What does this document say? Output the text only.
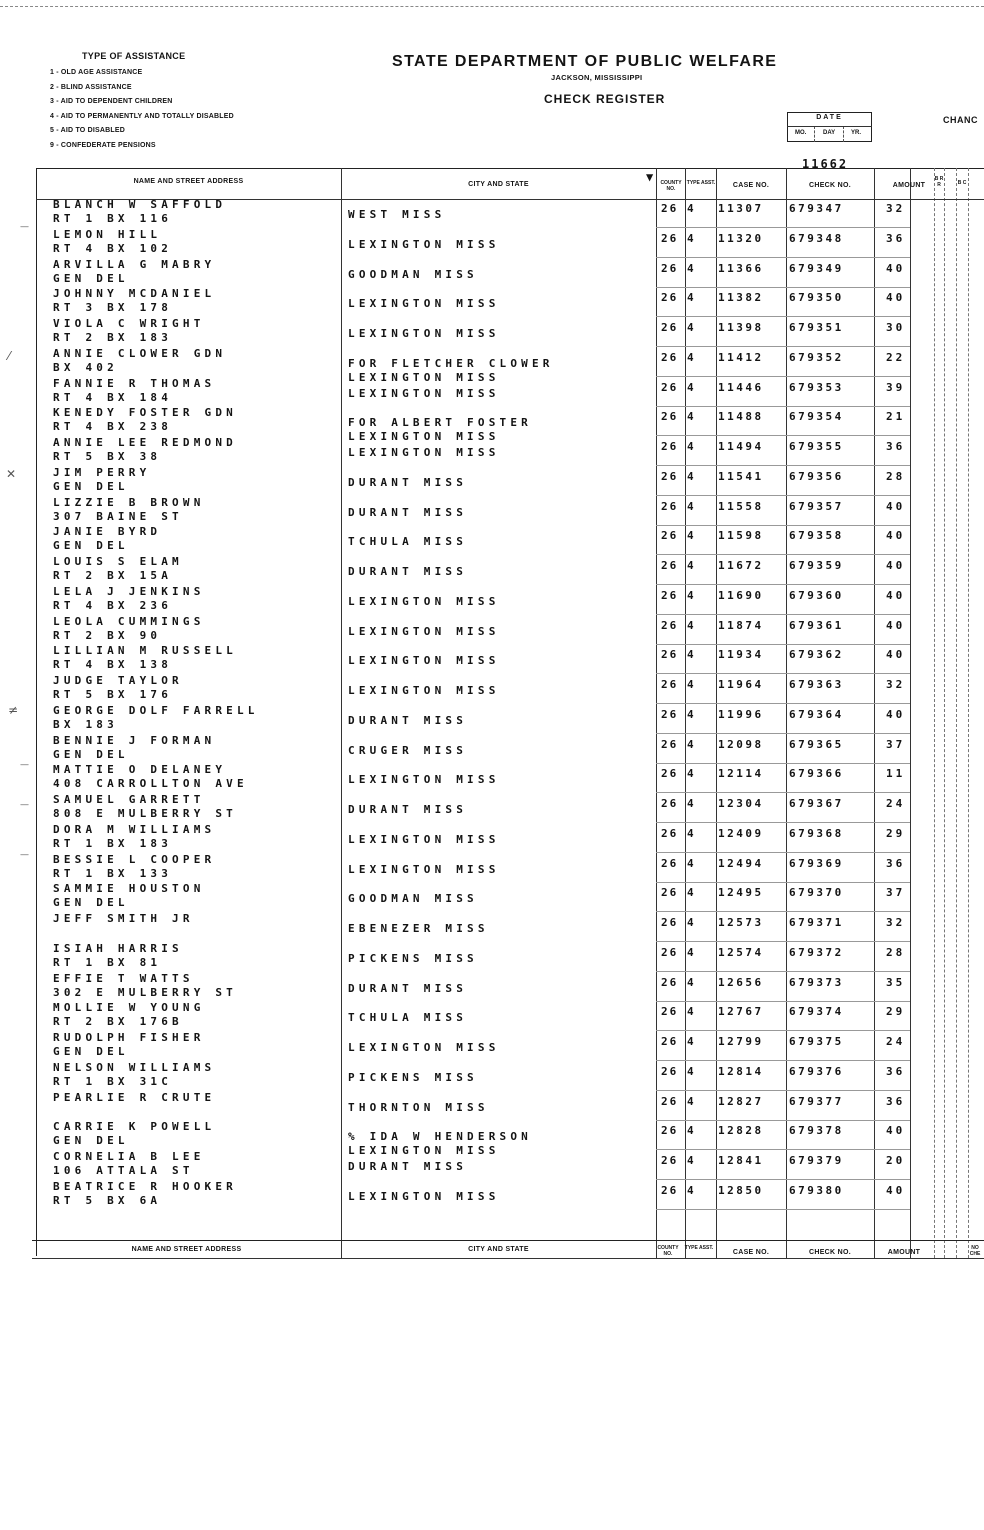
TYPE OF ASSISTANCE
1 - OLD AGE ASSISTANCE
2 - BLIND ASSISTANCE
3 - AID TO DEPENDENT CHILDREN
4 - AID TO PERMANENTLY AND TOTALLY DISABLED
5 - AID TO DISABLED
9 - CONFEDERATE PENSIONS
STATE DEPARTMENT OF PUBLIC WELFARE
JACKSON, MISSISSIPPI
CHECK REGISTER
CHANC
DATE
MO.	DAY	YR.
11662
NAME AND STREET ADDRESS	CITY AND STATE
▼	COUNTY NO.
TYPE ASST.	CASE NO.	CHECK NO.	AMOUNT
B R R	B C
BLANCH W SAFFOLD
RT 1 BX 116	WEST MISS	26 4 11307 679347	32
LEMON HILL
RT 4 BX 102	LEXINGTON MISS	26 4 11320 679348	36
ARVILLA G MABRY
GEN DEL	GOODMAN MISS	26 4 11366 679349	40
JOHNNY MCDANIEL
RT 3 BX 178	LEXINGTON MISS	26 4 11382 679350	40
VIOLA C WRIGHT
RT 2 BX 183	LEXINGTON MISS	26 4 11398 679351	30
ANNIE CLOWER GDN
BX 402	FOR FLETCHER CLOWER
LEXINGTON MISS
26 4 11412 679352	22
FANNIE R THOMAS
RT 4 BX 184	LEXINGTON MISS	26 4 11446 679353	39
KENEDY FOSTER GDN
RT 4 BX 238	FOR ALBERT FOSTER
LEXINGTON MISS
26 4 11488 679354	21
ANNIE LEE REDMOND
RT 5 BX 38	LEXINGTON MISS	26 4 11494 679355	36
JIM PERRY
GEN DEL	DURANT MISS	26 4 11541 679356	28
LIZZIE B BROWN
307 BAINE ST	DURANT MISS	26 4 11558 679357	40
JANIE BYRD
GEN DEL	TCHULA MISS	26 4 11598 679358	40
LOUIS S ELAM
RT 2 BX 15A	DURANT MISS	26 4 11672 679359	40
LELA J JENKINS
RT 4 BX 236	LEXINGTON MISS	26 4 11690 679360	40
LEOLA CUMMINGS
RT 2 BX 90	LEXINGTON MISS	26 4 11874 679361	40
LILLIAN M RUSSELL
RT 4 BX 138	LEXINGTON MISS	26 4 11934 679362	40
JUDGE TAYLOR
RT 5 BX 176	LEXINGTON MISS	26 4 11964 679363	32
GEORGE DOLF FARRELL
BX 183	DURANT MISS	26 4 11996 679364	40
BENNIE J FORMAN
GEN DEL	CRUGER MISS	26 4 12098 679365	37
MATTIE O DELANEY
408 CARROLLTON AVE	LEXINGTON MISS	26 4 12114 679366	11
SAMUEL GARRETT
808 E MULBERRY ST	DURANT MISS	26 4 12304 679367	24
DORA M WILLIAMS
RT 1 BX 183	LEXINGTON MISS	26 4 12409 679368	29
BESSIE L COOPER
RT 1 BX 133	LEXINGTON MISS	26 4 12494 679369	36
SAMMIE HOUSTON
GEN DEL	GOODMAN MISS	26 4 12495 679370	37
JEFF SMITH JR
EBENEZER MISS	26 4 12573 679371	32
ISIAH HARRIS
RT 1 BX 81	PICKENS MISS	26 4 12574 679372	28
EFFIE T WATTS
302 E MULBERRY ST	DURANT MISS	26 4 12656 679373	35
MOLLIE W YOUNG
RT 2 BX 176B	TCHULA MISS	26 4 12767 679374	29
RUDOLPH FISHER
GEN DEL	LEXINGTON MISS	26 4 12799 679375	24
NELSON WILLIAMS
RT 1 BX 31C	PICKENS MISS	26 4 12814 679376	36
PEARLIE R CRUTE
THORNTON MISS	26 4 12827 679377	36
CARRIE K POWELL
GEN DEL	% IDA W HENDERSON
LEXINGTON MISS
26 4 12828 679378	40
CORNELIA B LEE
106 ATTALA ST	DURANT MISS	26 4 12841 679379	20
BEATRICE R HOOKER
RT 5 BX 6A	LEXINGTON MISS	26 4 12850 679380	40
—
⁄
✕
≠
—
—
—
NAME AND STREET ADDRESS	CITY AND STATE	COUNTY NO.
TYPE ASST.
CASE NO.	CHECK NO.	AMOUNT
NO CHE
